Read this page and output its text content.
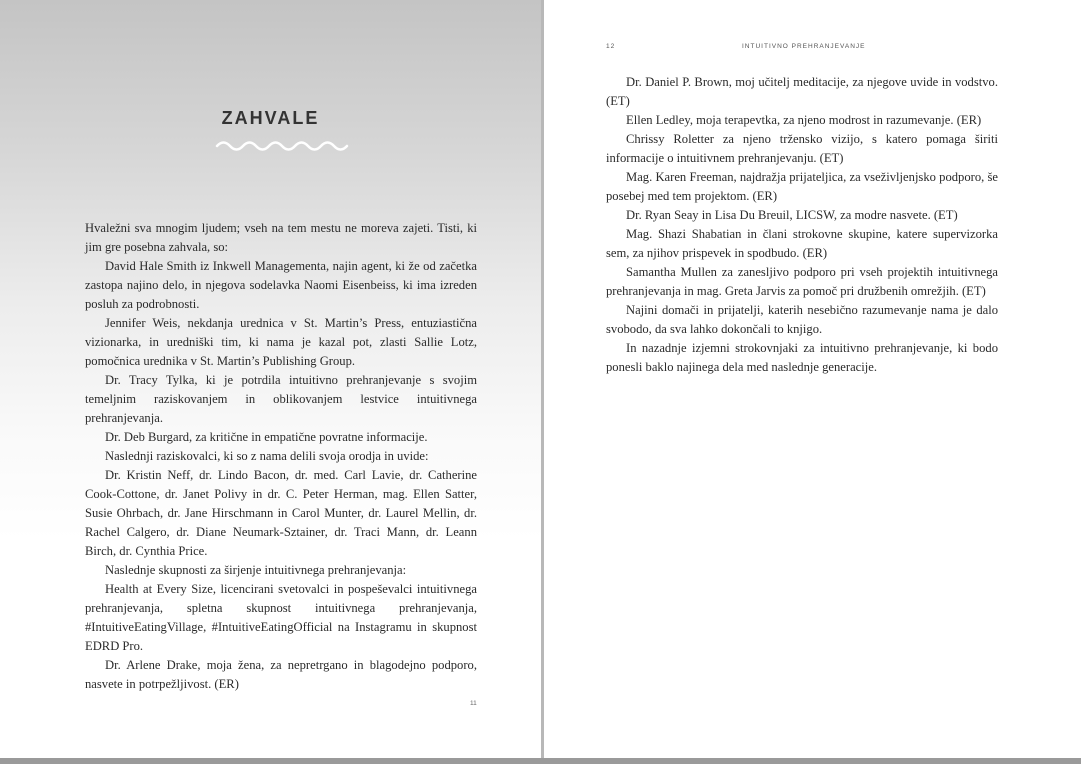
ZAHVALE

Hvaležni sva mnogim ljudem; vseh na tem mestu ne moreva zajeti. Tisti, ki jim gre posebna zahvala, so:

David Hale Smith iz Inkwell Managementa, najin agent, ki že od začetka zastopa najino delo, in njegova sodelavka Naomi Eisenbeiss, ki ima izreden posluh za podrobnosti.

Jennifer Weis, nekdanja urednica v St. Martin’s Press, entuziastična vizionarka, in uredniški tim, ki nama je kazal pot, zlasti Sallie Lotz, pomočnica urednika v St. Martin’s Publishing Group.

Dr. Tracy Tylka, ki je potrdila intuitivno prehranjevanje s svojim temeljnim raziskovanjem in oblikovanjem lestvice intuitivnega prehranjevanja.

Dr. Deb Burgard, za kritične in empatične povratne informacije.

Naslednji raziskovalci, ki so z nama delili svoja orodja in uvide:

Dr. Kristin Neff, dr. Lindo Bacon, dr. med. Carl Lavie, dr. Catherine Cook-Cottone, dr. Janet Polivy in dr. C. Peter Herman, mag. Ellen Satter, Susie Ohrbach, dr. Jane Hirschmann in Carol Munter, dr. Laurel Mellin, dr. Rachel Calgero, dr. Diane Neumark-Sztainer, dr. Traci Mann, dr. Leann Birch, dr. Cynthia Price.

Naslednje skupnosti za širjenje intuitivnega prehranjevanja:

Health at Every Size, licencirani svetovalci in pospeševalci intuitivnega prehranjevanja, spletna skupnost intuitivnega prehranjevanja, #IntuitiveEatingVillage, #IntuitiveEatingOfficial na Instagramu in skupnost EDRD Pro.

Dr. Arlene Drake, moja žena, za nepretrgano in blagodejno podporo, nasvete in potrpežljivost. (ER)

11

12	INTUITIVNO PREHRANJEVANJE

Dr. Daniel P. Brown, moj učitelj meditacije, za njegove uvide in vodstvo. (ET)

Ellen Ledley, moja terapevtka, za njeno modrost in razumevanje. (ER)

Chrissy Roletter za njeno tržensko vizijo, s katero pomaga širiti informacije o intuitivnem prehranjevanju. (ET)

Mag. Karen Freeman, najdražja prijateljica, za vseživljenjsko podporo, še posebej med tem projektom. (ER)

Dr. Ryan Seay in Lisa Du Breuil, LICSW, za modre nasvete. (ET)

Mag. Shazi Shabatian in člani strokovne skupine, katere supervizorka sem, za njihov prispevek in spodbudo. (ER)

Samantha Mullen za zanesljivo podporo pri vseh projektih intuitivnega prehranjevanja in mag. Greta Jarvis za pomoč pri družbenih omrežjih. (ET)

Najini domači in prijatelji, katerih nesebično razumevanje nama je dalo svobodo, da sva lahko dokončali to knjigo.

In nazadnje izjemni strokovnjaki za intuitivno prehranjevanje, ki bodo ponesli baklo najinega dela med naslednje generacije.
